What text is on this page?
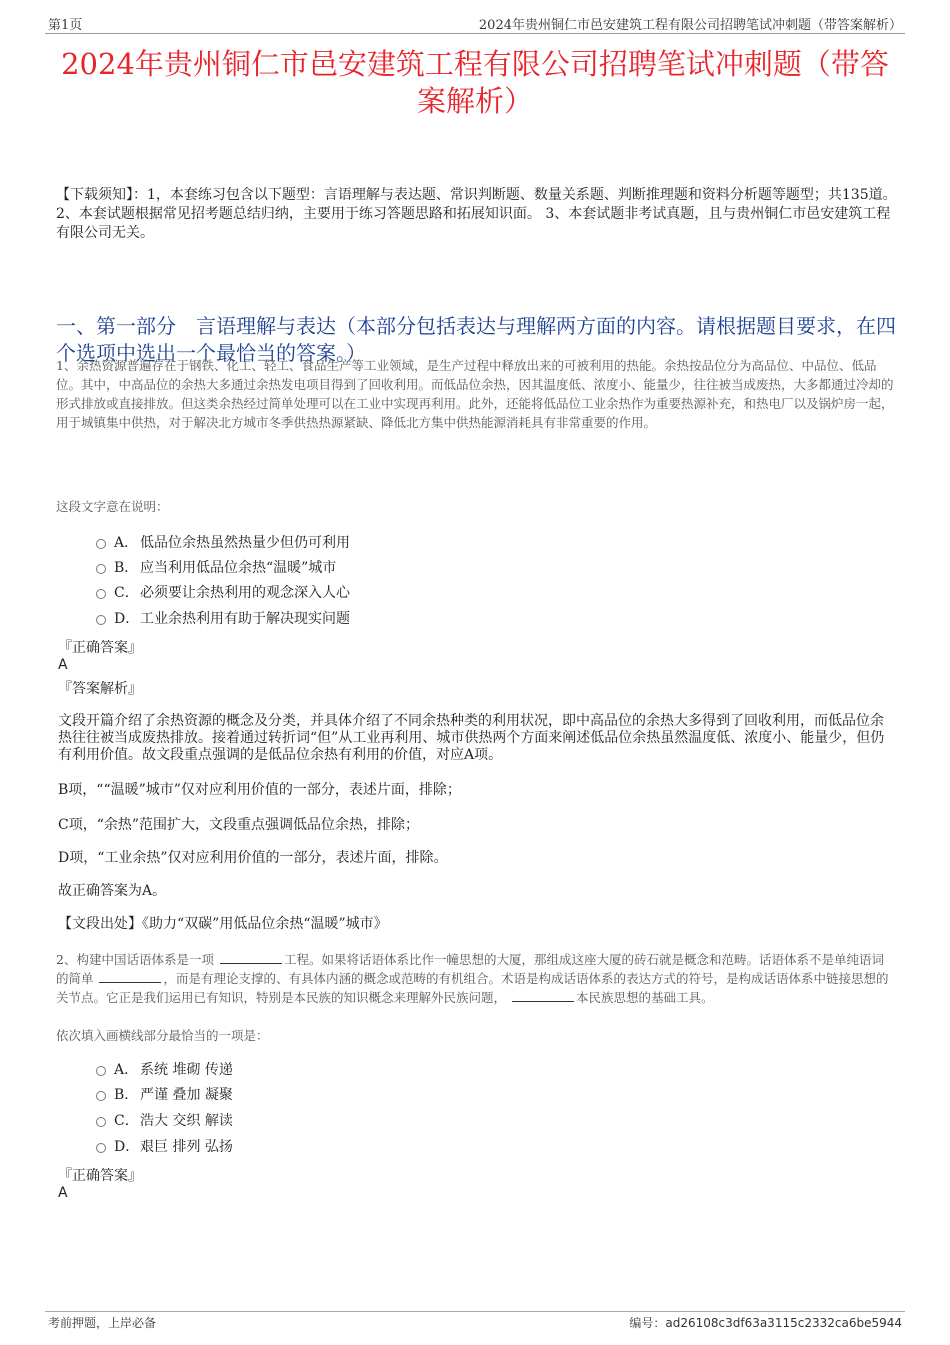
第1页	2024年贵州铜仁市邑安建筑工程有限公司招聘笔试冲刺题（带答案解析）
2024年贵州铜仁市邑安建筑工程有限公司招聘笔试冲刺题（带答案解析）
【下载须知】：1，本套练习包含以下题型：言语理解与表达题、常识判断题、数量关系题、判断推理题和资料分析题等题型；共135道。 2、本套试题根据常见招考题总结归纳，主要用于练习答题思路和拓展知识面。 3、本套试题非考试真题，且与贵州铜仁市邑安建筑工程有限公司无关。
一、第一部分　言语理解与表达（本部分包括表达与理解两方面的内容。请根据题目要求，在四个选项中选出一个最恰当的答案。）
1、余热资源普遍存在于钢铁、化工、轻工、食品生产等工业领域，是生产过程中释放出来的可被利用的热能。余热按品位分为高品位、中品位、低品位。其中，中高品位的余热大多通过余热发电项目得到了回收利用。而低品位余热，因其温度低、浓度小、能量少，往往被当成废热，大多都通过冷却的形式排放或直接排放。但这类余热经过简单处理可以在工业中实现再利用。此外，还能将低品位工业余热作为重要热源补充，和热电厂以及锅炉房一起，用于城镇集中供热，对于解决北方城市冬季供热热源紧缺、降低北方集中供热能源消耗具有非常重要的作用。
这段文字意在说明：
A． 低品位余热虽然热量少但仍可利用
B． 应当利用低品位余热“温暖”城市
C． 必须要让余热利用的观念深入人心
D． 工业余热利用有助于解决现实问题
『正确答案』
A
『答案解析』
文段开篇介绍了余热资源的概念及分类，并具体介绍了不同余热种类的利用状况，即中高品位的余热大多得到了回收利用，而低品位余热往往被当成废热排放。接着通过转折词“但”从工业再利用、城市供热两个方面来阐述低品位余热虽然温度低、浓度小、能量少，但仍有利用价值。故文段重点强调的是低品位余热有利用的价值，对应A项。
B项，““温暖”城市”仅对应利用价值的一部分，表述片面，排除；
C项，“余热”范围扩大，文段重点强调低品位余热，排除；
D项，“工业余热”仅对应利用价值的一部分，表述片面，排除。
故正确答案为A。
【文段出处】《助力“双碳”用低品位余热“温暖”城市》
2、构建中国话语体系是一项	工程。如果将话语体系比作一幢思想的大厦，那组成这座大厦的砖石就是概念和范畴。话语体系不是单纯语词的简单	，而是有理论支撑的、有具体内涵的概念或范畴的有机组合。术语是构成话语体系的表达方式的符号，是构成话语体系中链接思想的关节点。它正是我们运用已有知识，特别是本民族的知识概念来理解外民族问题，	本民族思想的基础工具。
依次填入画横线部分最恰当的一项是：
A． 系统 堆砌 传递
B． 严谨 叠加 凝聚
C． 浩大 交织 解读
D． 艰巨 排列 弘扬
『正确答案』
A
考前押题，上岸必备	编号：ad26108c3df63a3115c2332ca6be5944
